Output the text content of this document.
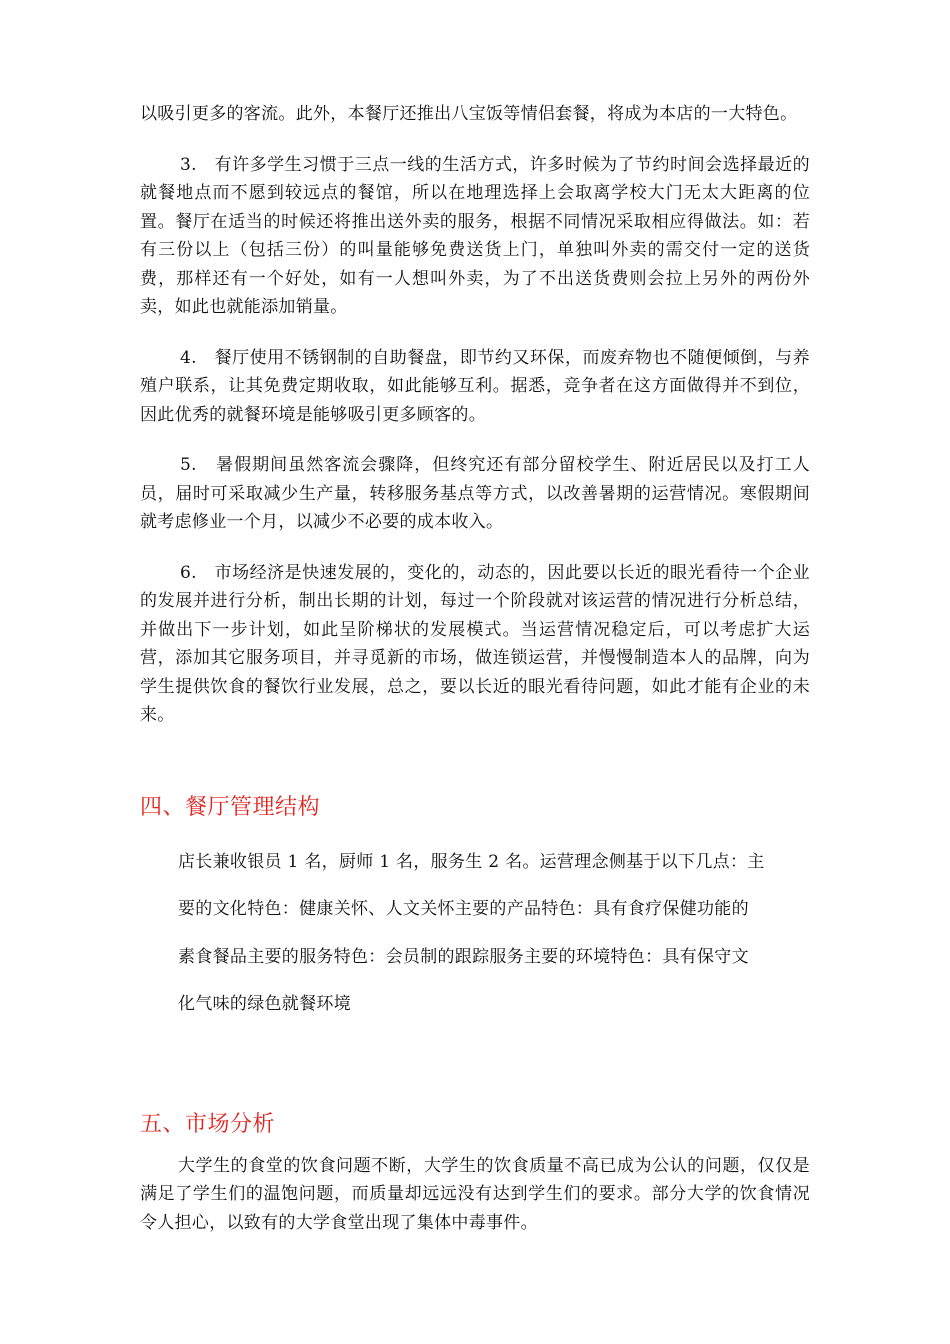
以吸引更多的客流。此外，本餐厅还推出八宝饭等情侣套餐，将成为本店的一大特色。

3. 有许多学生习惯于三点一线的生活方式，许多时候为了节约时间会选择最近的就餐地点而不愿到较远点的餐馆，所以在地理选择上会取离学校大门无太大距离的位置。餐厅在适当的时候还将推出送外卖的服务，根据不同情况采取相应得做法。如：若有三份以上（包括三份）的叫量能够免费送货上门，单独叫外卖的需交付一定的送货费，那样还有一个好处，如有一人想叫外卖，为了不出送货费则会拉上另外的两份外卖，如此也就能添加销量。

4. 餐厅使用不锈钢制的自助餐盘，即节约又环保，而废弃物也不随便倾倒，与养殖户联系，让其免费定期收取，如此能够互利。据悉，竞争者在这方面做得并不到位，因此优秀的就餐环境是能够吸引更多顾客的。

5. 暑假期间虽然客流会骤降，但终究还有部分留校学生、附近居民以及打工人员，届时可采取减少生产量，转移服务基点等方式，以改善暑期的运营情况。寒假期间就考虑修业一个月，以减少不必要的成本收入。

6. 市场经济是快速发展的，变化的，动态的，因此要以长近的眼光看待一个企业的发展并进行分析，制出长期的计划，每过一个阶段就对该运营的情况进行分析总结，并做出下一步计划，如此呈阶梯状的发展模式。当运营情况稳定后，可以考虑扩大运营，添加其它服务项目，并寻觅新的市场，做连锁运营，并慢慢制造本人的品牌，向为学生提供饮食的餐饮行业发展，总之，要以长近的眼光看待问题，如此才能有企业的未来。

四、餐厅管理结构
店长兼收银员 1 名，厨师 1 名，服务生 2 名。运营理念侧基于以下几点：主
要的文化特色：健康关怀、人文关怀主要的产品特色：具有食疗保健功能的
素食餐品主要的服务特色：会员制的跟踪服务主要的环境特色：具有保守文
化气味的绿色就餐环境
五、市场分析

大学生的食堂的饮食问题不断，大学生的饮食质量不高已成为公认的问题，仅仅是满足了学生们的温饱问题，而质量却远远没有达到学生们的要求。部分大学的饮食情况令人担心，以致有的大学食堂出现了集体中毒事件。
